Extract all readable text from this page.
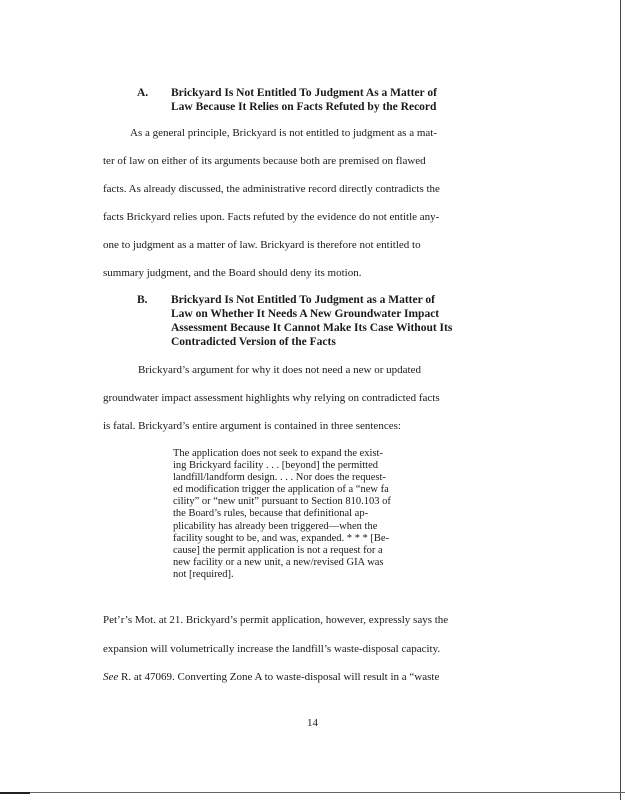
A. Brickyard Is Not Entitled To Judgment As a Matter of
Law Because It Relies on Facts Refuted by the Record
As a general principle, Brickyard is not entitled to judgment as a mat-
ter of law on either of its arguments because both are premised on flawed
facts. As already discussed, the administrative record directly contradicts the
facts Brickyard relies upon. Facts refuted by the evidence do not entitle any-
one to judgment as a matter of law. Brickyard is therefore not entitled to
summary judgment, and the Board should deny its motion.
B. Brickyard Is Not Entitled To Judgment as a Matter of
Law on Whether It Needs A New Groundwater Impact
Assessment Because It Cannot Make Its Case Without Its
Contradicted Version of the Facts
Brickyard’s argument for why it does not need a new or updated
groundwater impact assessment highlights why relying on contradicted facts
is fatal. Brickyard’s entire argument is contained in three sentences:
The application does not seek to expand the exist-
ing Brickyard facility . . . [beyond] the permitted
landfill/landform design. . . . Nor does the request-
ed modification trigger the application of a “new fa
cility” or “new unit” pursuant to Section 810.103 of
the Board’s rules, because that definitional ap-
plicability has already been triggered—when the
facility sought to be, and was, expanded. * * * [Be-
cause] the permit application is not a request for a
new facility or a new unit, a new/revised GIA was
not [required].
Pet’r’s Mot. at 21. Brickyard’s permit application, however, expressly says the
expansion will volumetrically increase the landfill’s waste-disposal capacity.
See R. at 47069. Converting Zone A to waste-disposal will result in a “waste
14
